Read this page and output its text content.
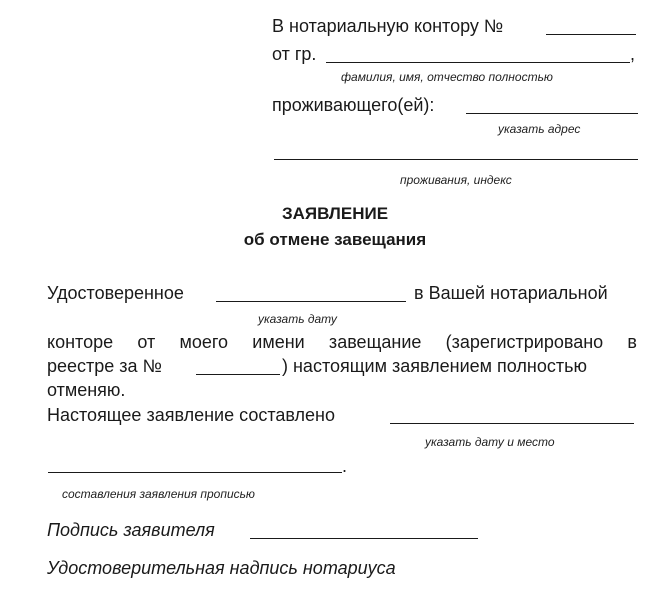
В нотариальную контору №
от гр.	,
фамилия, имя, отчество полностью
проживающего(ей):
указать адрес
проживания, индекс
ЗАЯВЛЕНИЕ
об отмене завещания
Удостоверенное	в Вашей нотариальной
указать дату
конторе от моего имени завещание (зарегистрировано в
реестре за №	) настоящим заявлением полностью
отменяю.
Настоящее заявление составлено
указать дату и место
.
составления заявления прописью
Подпись заявителя
Удостоверительная надпись нотариуса
